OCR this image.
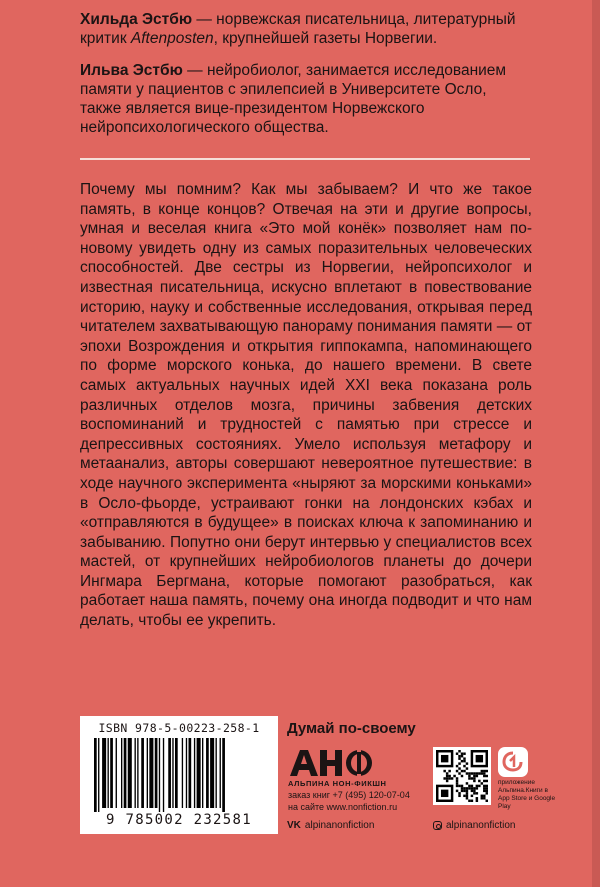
Хильда Эстбю — норвежская писательница, литературный критик Aftenposten, крупнейшей газеты Норвегии.

Ильва Эстбю — нейробиолог, занимается исследованием памяти у пациентов с эпилепсией в Университете Осло, также является вице-президентом Норвежского нейропсихологического общества.

Почему мы помним? Как мы забываем? И что же такое память, в конце концов? Отвечая на эти и другие вопросы, умная и веселая книга «Это мой конёк» позволяет нам по-новому увидеть одну из самых поразительных человеческих способностей. Две сестры из Норвегии, нейропсихолог и известная писательница, искусно вплетают в повествование историю, науку и собственные исследования, открывая перед читателем захватывающую панораму понимания памяти — от эпохи Возрождения и открытия гиппокампа, напоминающего по форме морского конька, до нашего времени. В свете самых актуальных научных идей XXI века показана роль различных отделов мозга, причины забвения детских воспоминаний и трудностей с памятью при стрессе и депрессивных состояниях. Умело используя метафору и метаанализ, авторы совершают невероятное путешествие: в ходе научного эксперимента «ныряют за морскими коньками» в Осло-фьорде, устраивают гонки на лондонских кэбах и «отправляются в будущее» в поисках ключа к запоминанию и забыванию. Попутно они берут интервью у специалистов всех мастей, от крупнейших нейробиологов планеты до дочери Ингмара Бергмана, которые помогают разобраться, как работает наша память, почему она иногда подводит и что нам делать, чтобы ее укрепить.

ISBN 978-5-00223-258-1
9 785002 232581
Думай по-своему
АЛЬПИНА НОН-ФИКШН
заказ книг +7 (495) 120-07-04
на сайте www.nonfiction.ru
приложение Альпина.Книги в App Store и Google Play
VK alpinanonfiction	alpinanonfiction
